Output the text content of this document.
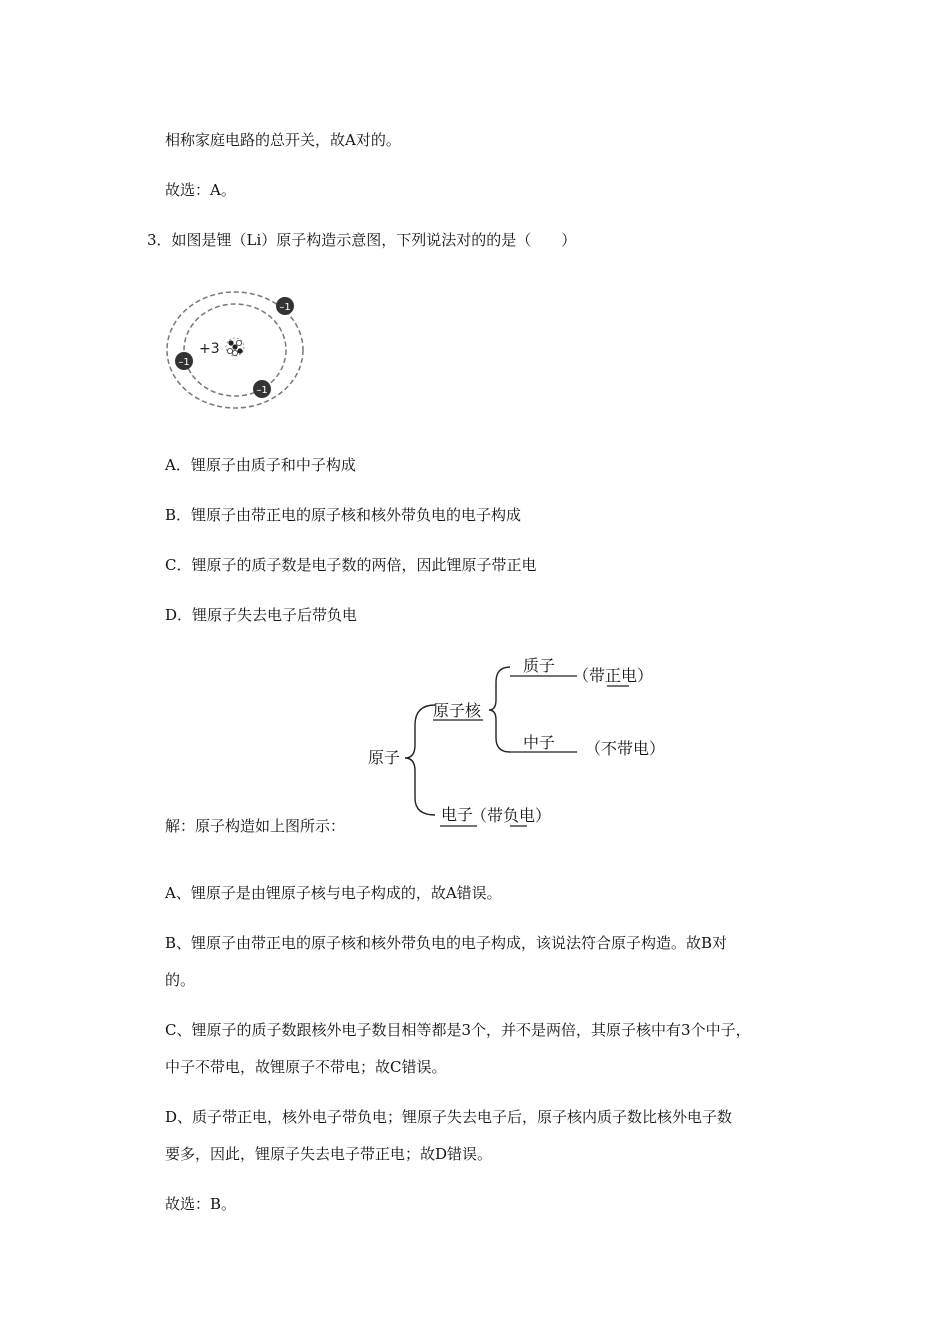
相称家庭电路的总开关，故A对的。
故选：A。
3．如图是锂（Li）原子构造示意图，下列说法对的的是（　　）
+3
–1
–1
–1
A．锂原子由质子和中子构成
B．锂原子由带正电的原子核和核外带负电的电子构成
C．锂原子的质子数是电子数的两倍，因此锂原子带正电
D．锂原子失去电子后带负电
原子
原子核
质子
（带正电）
中子 （不带电）
电子
（带负电）
解：原子构造如上图所示：
A、锂原子是由锂原子核与电子构成的，故A错误。
B、锂原子由带正电的原子核和核外带负电的电子构成，该说法符合原子构造。故B对
的。
C、锂原子的质子数跟核外电子数目相等都是3个，并不是两倍，其原子核中有3个中子，
中子不带电，故锂原子不带电；故C错误。
D、质子带正电，核外电子带负电；锂原子失去电子后，原子核内质子数比核外电子数
要多，因此，锂原子失去电子带正电；故D错误。
故选：B。
